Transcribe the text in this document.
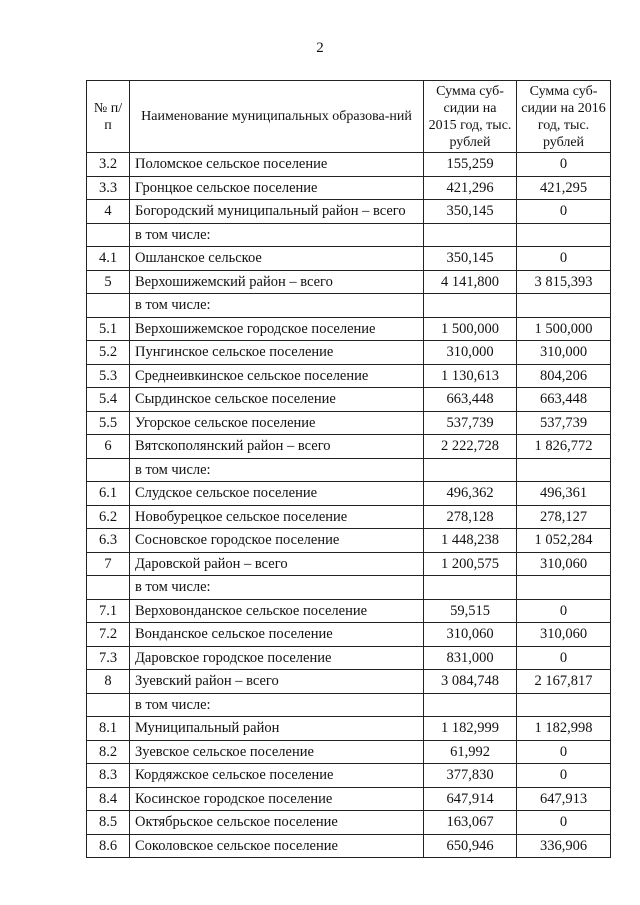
2
№ п/п	Наименование муниципальных образова-ний	Сумма суб-сидии на 2015 год, тыс. рублей	Сумма суб-сидии на 2016 год, тыс. рублей
3.2	Поломское сельское поселение	155,259	0
3.3	Гронцкое сельское поселение	421,296	421,295
4	Богородский муниципальный район – всего	350,145	0
	в том числе:		
4.1	Ошланское сельское	350,145	0
5	Верхошижемский район – всего	4 141,800	3 815,393
	в том числе:		
5.1	Верхошижемское городское поселение	1 500,000	1 500,000
5.2	Пунгинское сельское поселение	310,000	310,000
5.3	Среднеивкинское сельское поселение	1 130,613	804,206
5.4	Сырдинское сельское поселение	663,448	663,448
5.5	Угорское сельское поселение	537,739	537,739
6	Вятскополянский район – всего	2 222,728	1 826,772
	в том числе:		
6.1	Слудское сельское поселение	496,362	496,361
6.2	Новобурецкое сельское поселение	278,128	278,127
6.3	Сосновское городское поселение	1 448,238	1 052,284
7	Даровской район – всего	1 200,575	310,060
	в том числе:		
7.1	Верховонданское сельское поселение	59,515	0
7.2	Вонданское сельское поселение	310,060	310,060
7.3	Даровское городское поселение	831,000	0
8	Зуевский район – всего	3 084,748	2 167,817
	в том числе:		
8.1	Муниципальный район	1 182,999	1 182,998
8.2	Зуевское сельское поселение	61,992	0
8.3	Кордяжское сельское поселение	377,830	0
8.4	Косинское городское поселение	647,914	647,913
8.5	Октябрьское сельское поселение	163,067	0
8.6	Соколовское сельское поселение	650,946	336,906
